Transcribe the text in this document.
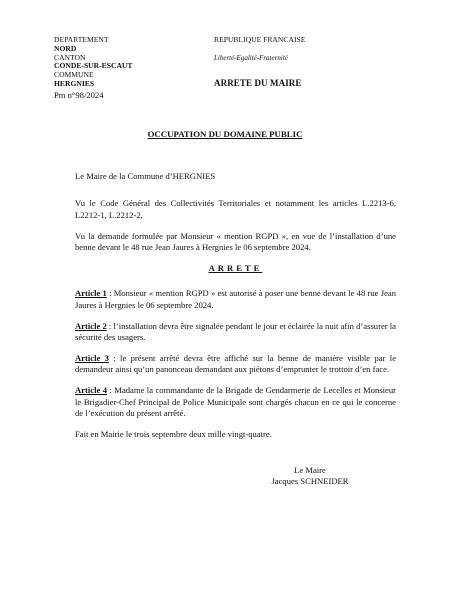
DEPARTEMENT
NORD
CANTON
CONDE-SUR-ESCAUT
COMMUNE
HERGNIES
REPUBLIQUE FRANCAISE
Liberté-Egalité-Fraternité
ARRETE DU MAIRE
Pm n°98/2024
OCCUPATION DU DOMAINE PUBLIC

Le Maire de la Commune d’HERGNIES

Vu le Code Général des Collectivités Territoriales et notamment les articles L.2213-6, L2212-1, L.2212-2,

Vu la demande formulée par Monsieur « mention RGPD », en vue de l’installation d’une benne devant le 48 rue Jean Jaures à Hergnies le 06 septembre 2024.

ARRETE

Article 1 : Monsieur « mention RGPD » est autorisé à poser une benne devant le 48 rue Jean Jaures à Hergnies le 06 septembre 2024.

Article 2 : l’installation devra être signalée pendant le jour et éclairée la nuit afin d’assurer la sécurité des usagers.

Article 3 : le présent arrêté devra être affiché sur la benne de manière visible par le demandeur ainsi qu’un panonceau demandant aux piétons d’emprunter le trottoir d’en face.

Article 4 : Madame la commandante de la Brigade de Gendarmerie de Lecelles et Monsieur le Brigadier-Chef Principal de Police Municipale sont chargés chacun en ce qui le concerne de l’exécution du présent arrêté.

Fait en Mairie le trois septembre deux mille vingt-quatre.

Le Maire
Jacques SCHNEIDER
